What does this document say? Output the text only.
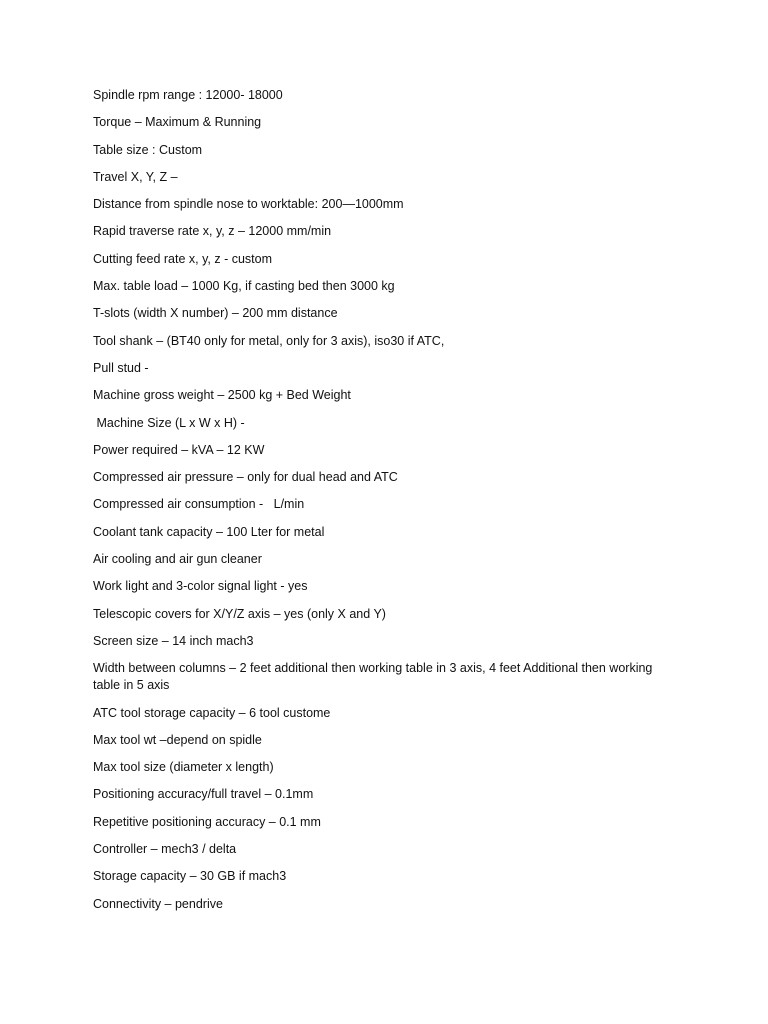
Spindle rpm range : 12000- 18000

Torque – Maximum & Running

Table size : Custom

Travel X, Y, Z –

Distance from spindle nose to worktable: 200—1000mm

Rapid traverse rate x, y, z – 12000 mm/min

Cutting feed rate x, y, z - custom

Max. table load – 1000 Kg, if casting bed then 3000 kg

T-slots (width X number) – 200 mm distance

Tool shank – (BT40 only for metal, only for 3 axis), iso30 if ATC,

Pull stud -

Machine gross weight – 2500 kg + Bed Weight

Machine Size (L x W x H) -

Power required – kVA – 12 KW

Compressed air pressure – only for dual head and ATC

Compressed air consumption -   L/min

Coolant tank capacity – 100 Lter for metal

Air cooling and air gun cleaner

Work light and 3-color signal light - yes

Telescopic covers for X/Y/Z axis – yes (only X and Y)

Screen size – 14 inch mach3

Width between columns – 2 feet additional then working table in 3 axis, 4 feet Additional then working table in 5 axis

ATC tool storage capacity – 6 tool custome

Max tool wt –depend on spidle

Max tool size (diameter x length)

Positioning accuracy/full travel – 0.1mm

Repetitive positioning accuracy – 0.1 mm

Controller – mech3 / delta

Storage capacity – 30 GB if mach3

Connectivity – pendrive
